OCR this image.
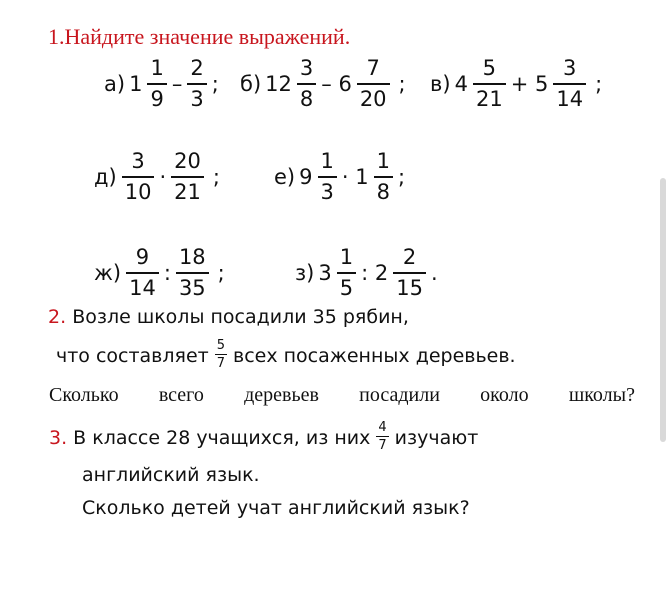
1.Найдите значение выражений.
а) $1 \frac{1}{9} - \frac{2}{3}$ ; б) $12 \frac{3}{8} - 6 \frac{7}{20}$ ; в) $4 \frac{5}{21} + 5 \frac{3}{14}$ ;
$д) \frac{3}{10} \cdot \frac{20}{21}$ ;	е) $9 \frac{1}{3} \cdot 1 \frac{1}{8}$ ;
$ж) \frac{9}{14}$ : $\frac{18}{35}$ ;	з) $3 \frac{1}{5}$ : $2 \frac{2}{15}$ .
2. Возле школы посадили 35 рябин,
что составляет $\frac{5}{7}$ всех посаженных деревьев.
Сколько всего деревьев посадили около школы?
3. В классе 28 учащихся, из них $\frac{4}{7}$ изучают
английский язык.
Сколько детей учат английский язык?
